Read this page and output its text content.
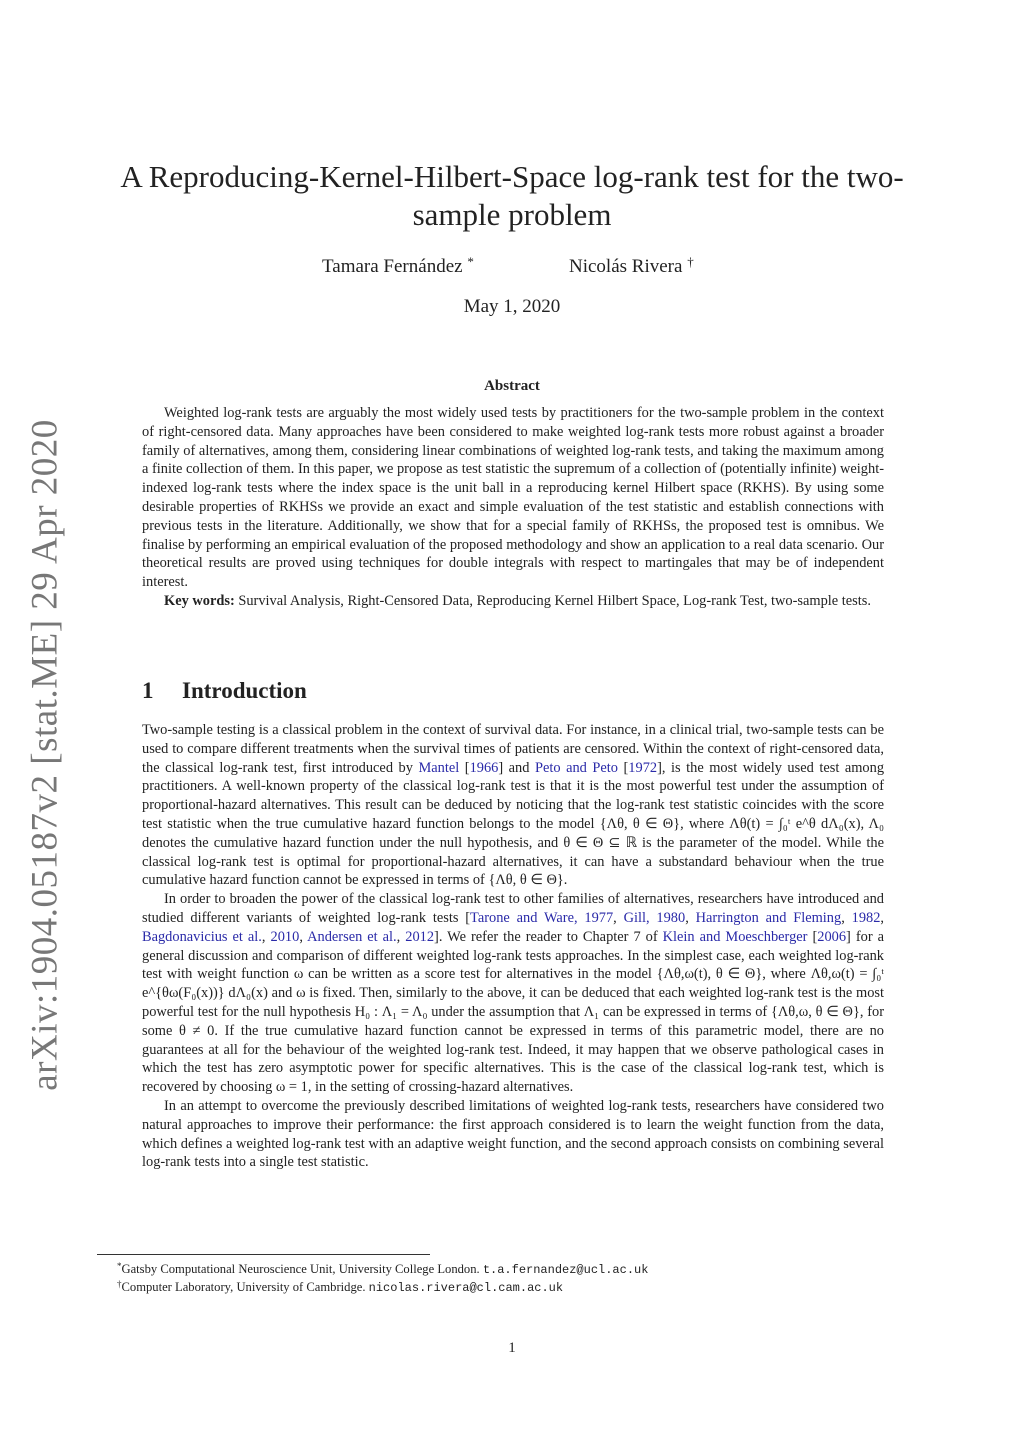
arXiv:1904.05187v2 [stat.ME] 29 Apr 2020
A Reproducing-Kernel-Hilbert-Space log-rank test for the two-sample problem
Tamara Fernández *	Nicolás Rivera †
May 1, 2020
Abstract

Weighted log-rank tests are arguably the most widely used tests by practitioners for the two-sample problem in the context of right-censored data. Many approaches have been considered to make weighted log-rank tests more robust against a broader family of alternatives, among them, considering linear combinations of weighted log-rank tests, and taking the maximum among a finite collection of them. In this paper, we propose as test statistic the supremum of a collection of (potentially infinite) weight-indexed log-rank tests where the index space is the unit ball in a reproducing kernel Hilbert space (RKHS). By using some desirable properties of RKHSs we provide an exact and simple evaluation of the test statistic and establish connections with previous tests in the literature. Additionally, we show that for a special family of RKHSs, the proposed test is omnibus. We finalise by performing an empirical evaluation of the proposed methodology and show an application to a real data scenario. Our theoretical results are proved using techniques for double integrals with respect to martingales that may be of independent interest.

Key words: Survival Analysis, Right-Censored Data, Reproducing Kernel Hilbert Space, Log-rank Test, two-sample tests.

1 Introduction

Two-sample testing is a classical problem in the context of survival data. For instance, in a clinical trial, two-sample tests can be used to compare different treatments when the survival times of patients are censored. Within the context of right-censored data, the classical log-rank test, first introduced by Mantel [1966] and Peto and Peto [1972], is the most widely used test among practitioners. A well-known property of the classical log-rank test is that it is the most powerful test under the assumption of proportional-hazard alternatives. This result can be deduced by noticing that the log-rank test statistic coincides with the score test statistic when the true cumulative hazard function belongs to the model {Λθ, θ ∈ Θ}, where Λθ(t) = ∫₀ᵗ e^θ dΛ₀(x), Λ₀ denotes the cumulative hazard function under the null hypothesis, and θ ∈ Θ ⊆ ℝ is the parameter of the model. While the classical log-rank test is optimal for proportional-hazard alternatives, it can have a substandard behaviour when the true cumulative hazard function cannot be expressed in terms of {Λθ, θ ∈ Θ}.

In order to broaden the power of the classical log-rank test to other families of alternatives, researchers have introduced and studied different variants of weighted log-rank tests [Tarone and Ware, 1977, Gill, 1980, Harrington and Fleming, 1982, Bagdonavicius et al., 2010, Andersen et al., 2012]. We refer the reader to Chapter 7 of Klein and Moeschberger [2006] for a general discussion and comparison of different weighted log-rank tests approaches. In the simplest case, each weighted log-rank test with weight function ω can be written as a score test for alternatives in the model {Λθ,ω(t), θ ∈ Θ}, where Λθ,ω(t) = ∫₀ᵗ e^{θω(F₀(x))} dΛ₀(x) and ω is fixed. Then, similarly to the above, it can be deduced that each weighted log-rank test is the most powerful test for the null hypothesis H₀ : Λ₁ = Λ₀ under the assumption that Λ₁ can be expressed in terms of {Λθ,ω, θ ∈ Θ}, for some θ ≠ 0. If the true cumulative hazard function cannot be expressed in terms of this parametric model, there are no guarantees at all for the behaviour of the weighted log-rank test. Indeed, it may happen that we observe pathological cases in which the test has zero asymptotic power for specific alternatives. This is the case of the classical log-rank test, which is recovered by choosing ω = 1, in the setting of crossing-hazard alternatives.

In an attempt to overcome the previously described limitations of weighted log-rank tests, researchers have considered two natural approaches to improve their performance: the first approach considered is to learn the weight function from the data, which defines a weighted log-rank test with an adaptive weight function, and the second approach consists on combining several log-rank tests into a single test statistic.

*Gatsby Computational Neuroscience Unit, University College London. t.a.fernandez@ucl.ac.uk
†Computer Laboratory, University of Cambridge. nicolas.rivera@cl.cam.ac.uk
1
